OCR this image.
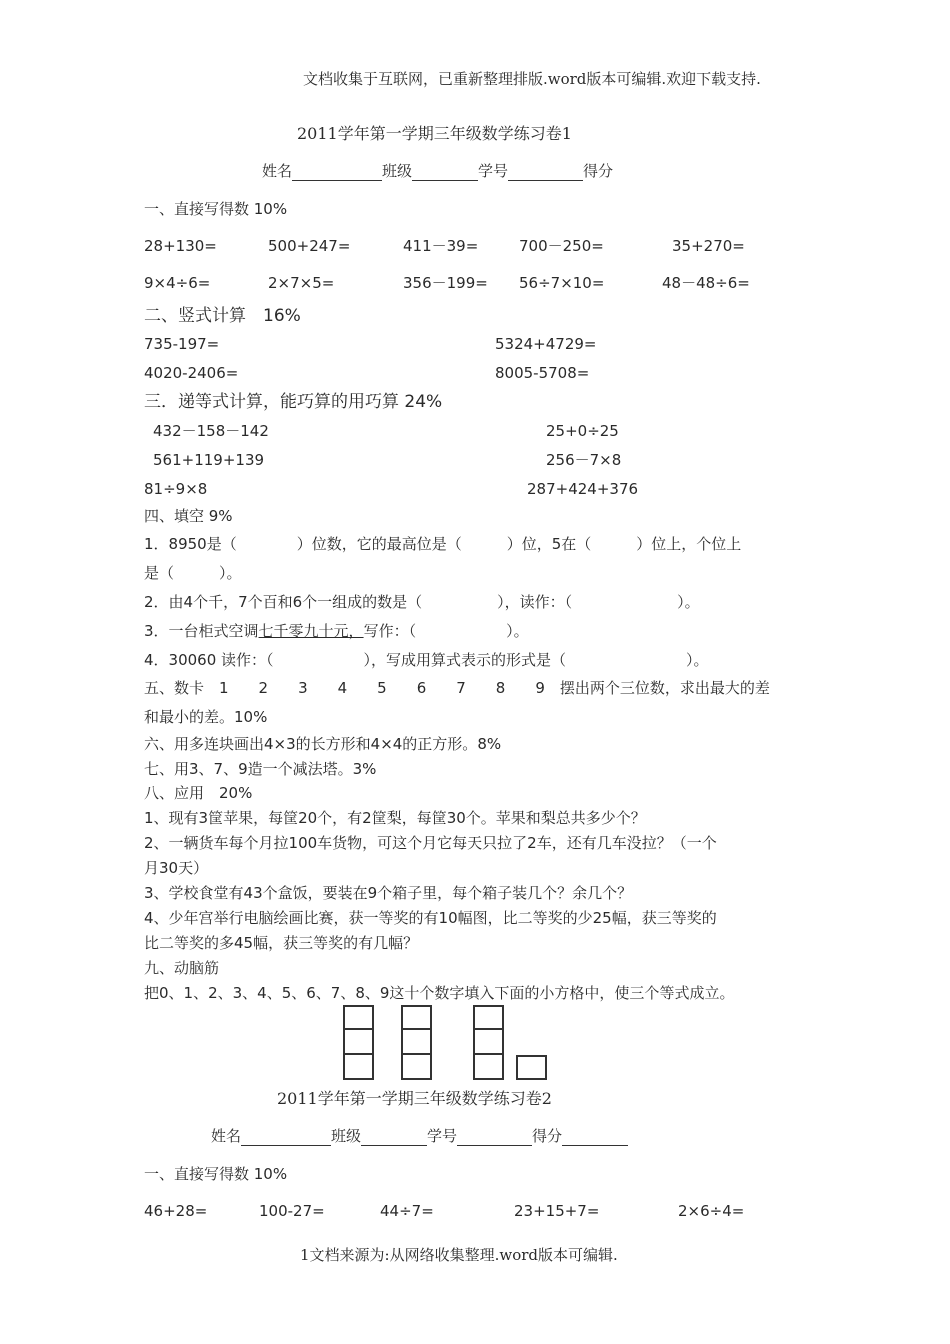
文档收集于互联网，已重新整理排版.word版本可编辑.欢迎下载支持.
2011学年第一学期三年级数学练习卷1
姓名	班级	学号	得分
一、直接写得数 10%
28+130=	500+247=	411－39=	700－250=	35+270=
9×4÷6=	2×7×5=	356－199= 56÷7×10=	48－48÷6=
二、竖式计算　16%
735-197=	5324+4729=
4020-2406=	8005-5708=
三．递等式计算，能巧算的用巧算 24%
432－158－142	25+0÷25
561+119+139	256－7×8
81÷9×8	287+424+376
四、填空 9%
1．8950是（　　　　）位数，它的最高位是（　　　）位，5在（　　　）位上，个位上
是（　　　）。
2．由4个千，7个百和6个一组成的数是（　　　　　），读作：（　　　　　　　）。
3．一台柜式空调七千零九十元，写作：（　　　　　　）。
4．30060 读作：（　　　　　　），写成用算式表示的形式是（　　　　　　　　）。
五、数卡　1　　2　　3　　4　　5　　6　　7　　8　　9　摆出两个三位数，求出最大的差
和最小的差。10%
六、用多连块画出4×3的长方形和4×4的正方形。8%
七、用3、7、9造一个减法塔。3%
八、应用　20%
1、现有3筐苹果，每筐20个，有2筐梨，每筐30个。苹果和梨总共多少个？
2、一辆货车每个月拉100车货物，可这个月它每天只拉了2车，还有几车没拉？（一个
月30天）
3、学校食堂有43个盒饭，要装在9个箱子里，每个箱子装几个？余几个？
4、少年宫举行电脑绘画比赛，获一等奖的有10幅图，比二等奖的少25幅，获三等奖的
比二等奖的多45幅，获三等奖的有几幅？
九、动脑筋
把0、1、2、3、4、5、6、7、8、9这十个数字填入下面的小方格中，使三个等式成立。
2011学年第一学期三年级数学练习卷2
姓名	班级	学号	得分
一、直接写得数 10%
46+28=	100-27=	44÷7=	23+15+7=	2×6÷4=
1文档来源为:从网络收集整理.word版本可编辑.
